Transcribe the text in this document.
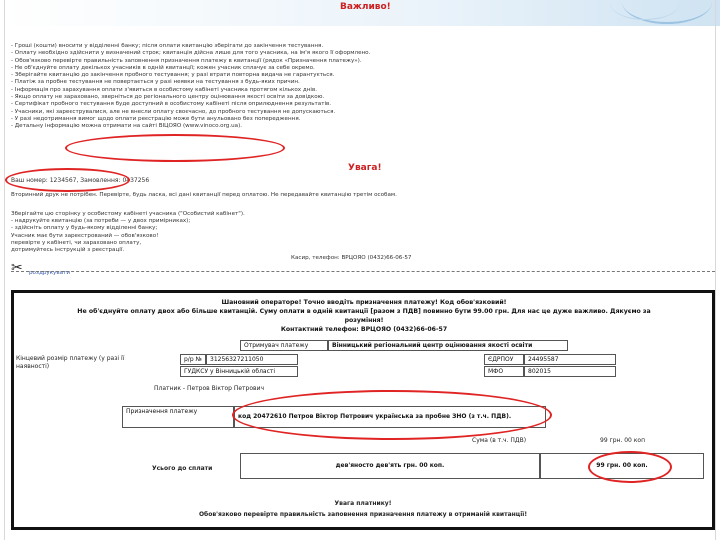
Важливо!
- Гроші (кошти) вносити у відділенні банку; після оплати квитанцію зберігати до закінчення тестування.
- Оплату необхідно здійснити у визначений строк; квитанція дійсна лише для того учасника, на ім'я якого її оформлено.
- Обов'язково перевірте правильність заповнення призначення платежу в квитанції (рядок «Призначення платежу»).
- Не об'єднуйте оплату декількох учасників в одній квитанції; кожен учасник сплачує за себе окремо.
- Зберігайте квитанцію до закінчення пробного тестування; у разі втрати повторна видача не гарантується.
- Платіж за пробне тестування не повертається у разі неявки на тестування з будь-яких причин.
- Інформація про зарахування оплати з'явиться в особистому кабінеті учасника протягом кількох днів.
- Якщо оплату не зараховано, зверніться до регіонального центру оцінювання якості освіти за довідкою.
- Сертифікат пробного тестування буде доступний в особистому кабінеті після оприлюднення результатів.
- Учасники, які зареєструвалися, але не внесли оплату своєчасно, до пробного тестування не допускаються.
- У разі недотримання вимог щодо оплати реєстрацію може бути анульовано без попередження.
- Детальну інформацію можна отримати на сайті ВІЦОЯО (www.vinoco.org.ua).
Увага!
Ваш номер: 1234567, Замовлення: 0437256
Вторинний друк не потрібен. Перевірте, будь ласка, всі дані квитанції перед оплатою. Не передавайте квитанцію третім особам.
Зберігайте цю сторінку у особистому кабінеті учасника ("Особистий кабінет").
- надрукуйте квитанцію (за потреби — у двох примірниках);
- здійсніть оплату у будь-якому відділенні банку;
Учасник має бути зареєстрований — обов'язково!
перевірте у кабінеті, чи зараховано оплату,
дотримуйтесь інструкцій з реєстрації.
Касир, телефон: ВРЦОЯО (0432)66-06-57
✂ роздрукувати
Шановний операторе! Точно вводіть призначення платежу! Код обов'язковий!
Не об'єднуйте оплату двох або більше квитанцій. Суму оплати в одній квитанції [разом з ПДВ] повинно бути 99.00 грн. Для нас це дуже важливо. Дякуємо за розуміння!
Контактний телефон: ВРЦОЯО (0432)66-06-57
Кінцевий розмір платежу (у разі її наявності)
Отримувач платежу	Вінницький регіональний центр оцінювання якості освіти
р/р №	31256327211050	ЄДРПОУ	24495587
ГУДКСУ у Вінницькій області	МФО	802015
Платник - Петров Віктор Петрович
Призначення платежу
код 20472610 Петров Віктор Петрович українська за пробне ЗНО (з т.ч. ПДВ).
Сума (в т.ч. ПДВ)	99 грн. 00 коп
Усього до сплати	дев'яносто дев'ять грн. 00 коп.	99 грн. 00 коп.
Увага платнику!
Обов'язково перевірте правильність заповнення призначення платежу в отриманій квитанції!
